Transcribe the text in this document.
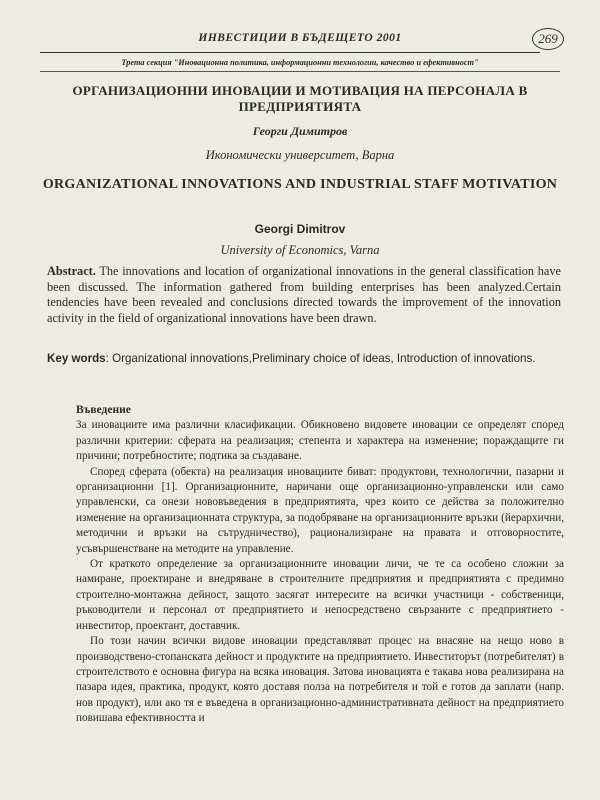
ИНВЕСТИЦИИ В БЪДЕЩЕТО 2001	269
Трета секция "Иновационна политика, информационни технологии, качество и ефективност"
ОРГАНИЗАЦИОННИ ИНОВАЦИИ И МОТИВАЦИЯ НА ПЕРСОНАЛА В ПРЕДПРИЯТИЯТА
Георги Димитров
Икономически университет, Варна
ORGANIZATIONAL INNOVATIONS AND INDUSTRIAL STAFF MOTIVATION
Georgi Dimitrov
University of Economics, Varna
Abstract. The innovations and location of organizational innovations in the general classification have been discussed. The information gathered from building enterprises has been analyzed.Certain tendencies have been revealed and conclusions directed towards the improvement of the innovation activity in the field of organizational innovations have been drawn.
Key words: Organizational innovations,Preliminary choice of ideas, Introduction of innovations.

Въведение

За иновациите има различни класификации. Обикновено видовете иновации се определят според различни критерии: сферата на реализация; степента и характера на изменение; пораждащите ги причини; потребностите; подтика за създаване.

Според сферата (обекта) на реализация иновациите биват: продуктови, технологични, пазарни и организационни [1]. Организационните, наричани още организационно-управленски или само управленски, са онези нововъведения в предприятията, чрез които се действа за положително изменение на организационната структура, за подобряване на организационните връзки (йерархични, методични и връзки на сътрудничество), рационализиране на правата и отговорностите, усъвършенстване на методите на управление.

От краткото определение за организационните иновации личи, че те са особено сложни за намиране, проектиране и внедряване в строителните предприятия и предприятията с предимно строително-монтажна дейност, защото засягат интересите на всички участници - собственици, ръководители и персонал от предприятието и непосредствено свързаните с предприятието - инвеститор, проектант, доставчик.

По този начин всички видове иновации представляват процес на внасяне на нещо ново в производствено-стопанската дейност и продуктите на предприятието. Инвеститорът (потребителят) в строителството е основна фигура на всяка иновация. Затова иновацията е такава нова реализирана на пазара идея, практика, продукт, която доставя полза на потребителя и той е готов да заплати (напр. нов продукт), или ако тя е въведена в организационно-административната дейност на предприятието повишава ефективността и
